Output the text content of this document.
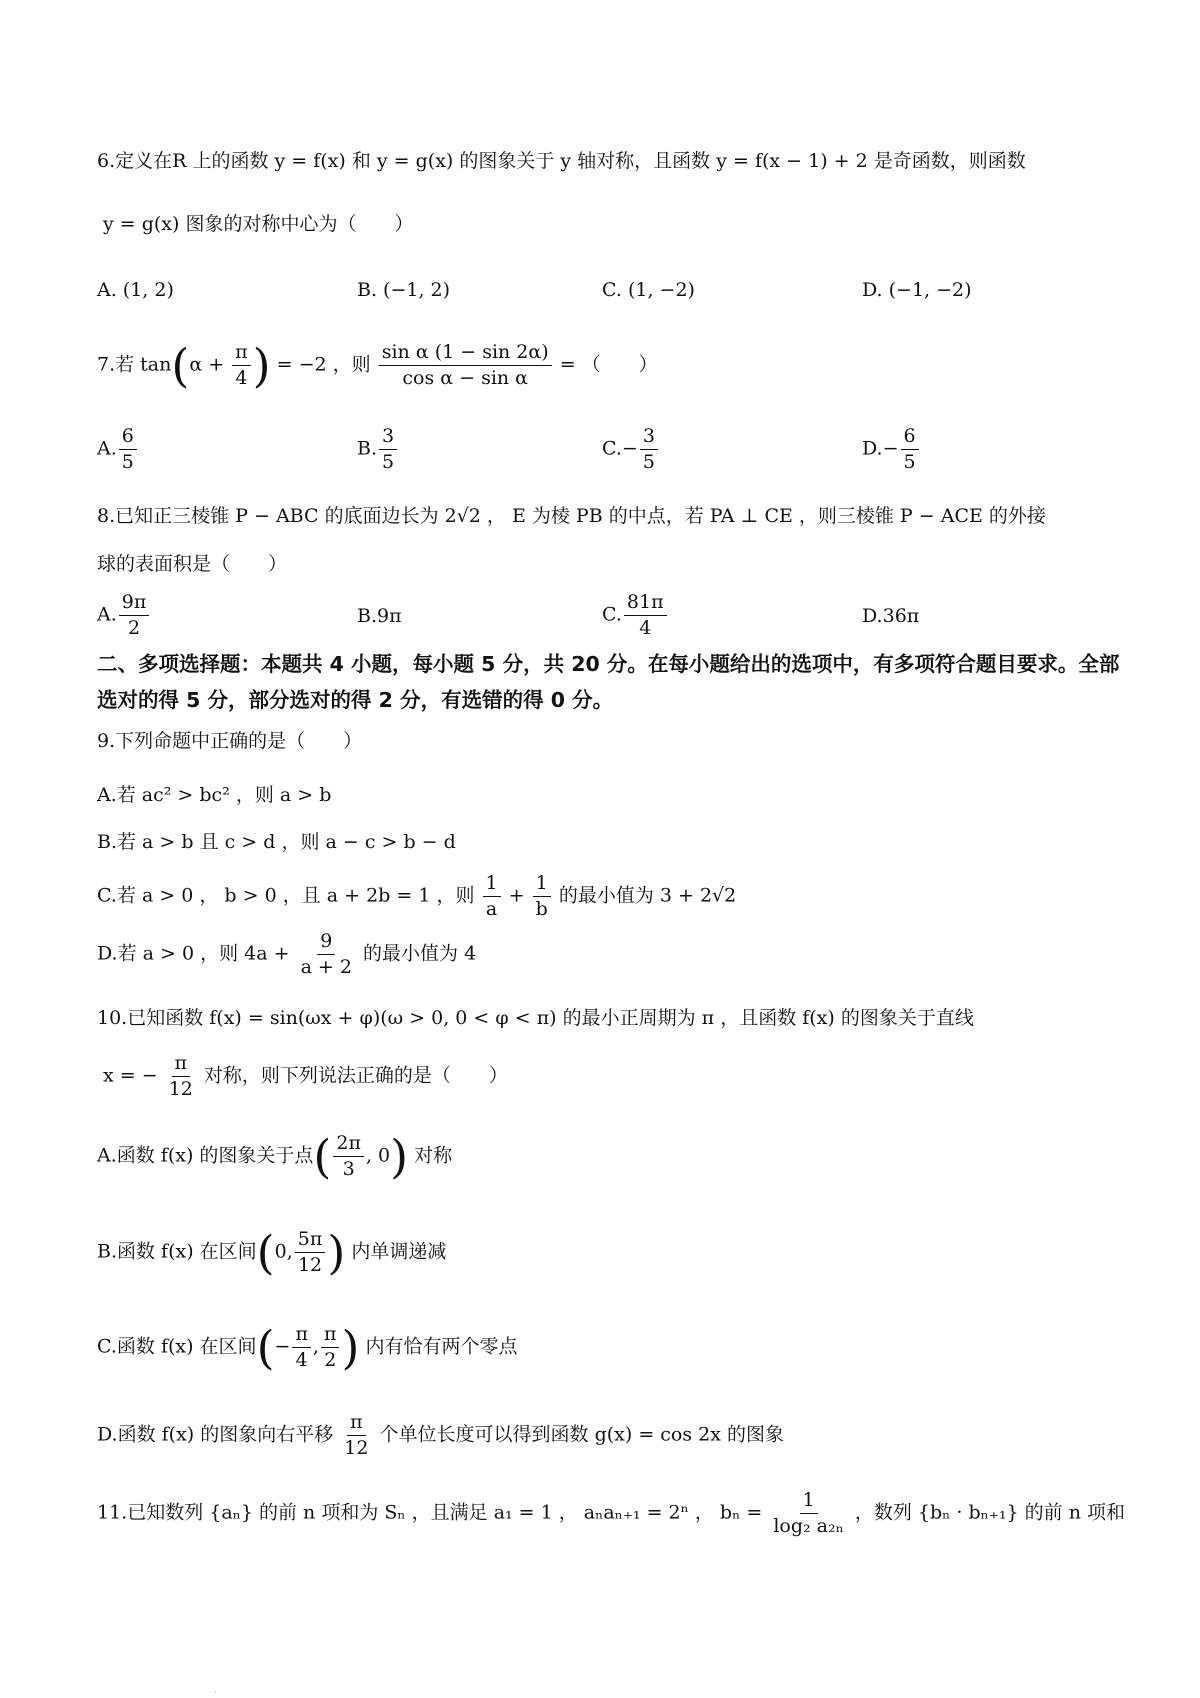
6.定义在R 上的函数 y = f(x) 和 y = g(x) 的图象关于 y 轴对称，且函数 y = f(x − 1) + 2 是奇函数，则函数
y = g(x) 图象的对称中心为（　　）
A. (1, 2)	B. (−1, 2)	C. (1, −2)	D. (−1, −2)
7.若 $\tan(\alpha + \frac{\pi}{4}$ ) = −2 ，则 $\frac{\text{sin α (1 − sin 2α)}}{\text{cos α − sin α}}$ = （　　）
A. $\frac{6}{5}$	B. $\frac{3}{5}$	$C.- \frac{3}{5}$	$D.- \frac{6}{5}$
8.已知正三棱锥 P − ABC 的底面边长为 2√2 ， E 为棱 PB 的中点，若 PA ⊥ CE ，则三棱锥 P − ACE 的外接
球的表面积是（　　）
A. $\frac{9\pi}{2}$	B.9π	C. $\frac{81\pi}{4}$	D.36π
二、多项选择题：本题共 4 小题，每小题 5 分，共 20 分。在每小题给出的选项中，有多项符合题目要求。全部选对的得 5 分，部分选对的得 2 分，有选错的得 0 分。
9.下列命题中正确的是（　　）
A.若 ac² > bc² ，则 a > b
B.若 a > b 且 c > d ，则 a − c > b − d
C.若 a > 0 ， b > 0 ，且 a + 2b = 1 ，则 $\frac{1}{a} + \frac{1}{b}$ 的最小值为 3 + 2√2
D.若 a > 0 ，则 $4a + \frac{9}{a + 2}$ 的最小值为 4
10.已知函数 f(x) = sin(ωx + φ)(ω > 0, 0 < φ < π) 的最小正周期为 π ，且函数 f(x) 的图象关于直线
x = − $\frac{\pi}{12}$ 对称，则下列说法正确的是（　　）
A.函数 f(x) 的图象关于点( $\frac{2\pi}{3}$ , 0) 对称
B.函数 f(x) 在区间(0, $\frac{5\pi}{12}$ ) 内单调递减
C.函数 f(x) 在区间(− $\frac{\pi}{4}$ , $\frac{\pi}{2}$ ) 内有恰有两个零点
D.函数 f(x) 的图象向右平移 $\frac{\pi}{12}$ 个单位长度可以得到函数 g(x) = cos 2x 的图象
11.已知数列 {aₙ} 的前 n 项和为 Sₙ ，且满足 a₁ = 1 ， aₙaₙ₊₁ = 2ⁿ ， $b_n = \frac{1}{\text{log₂ a₂ₙ}}$ ，数列 {bₙ · bₙ₊₁} 的前 n 项和
·
